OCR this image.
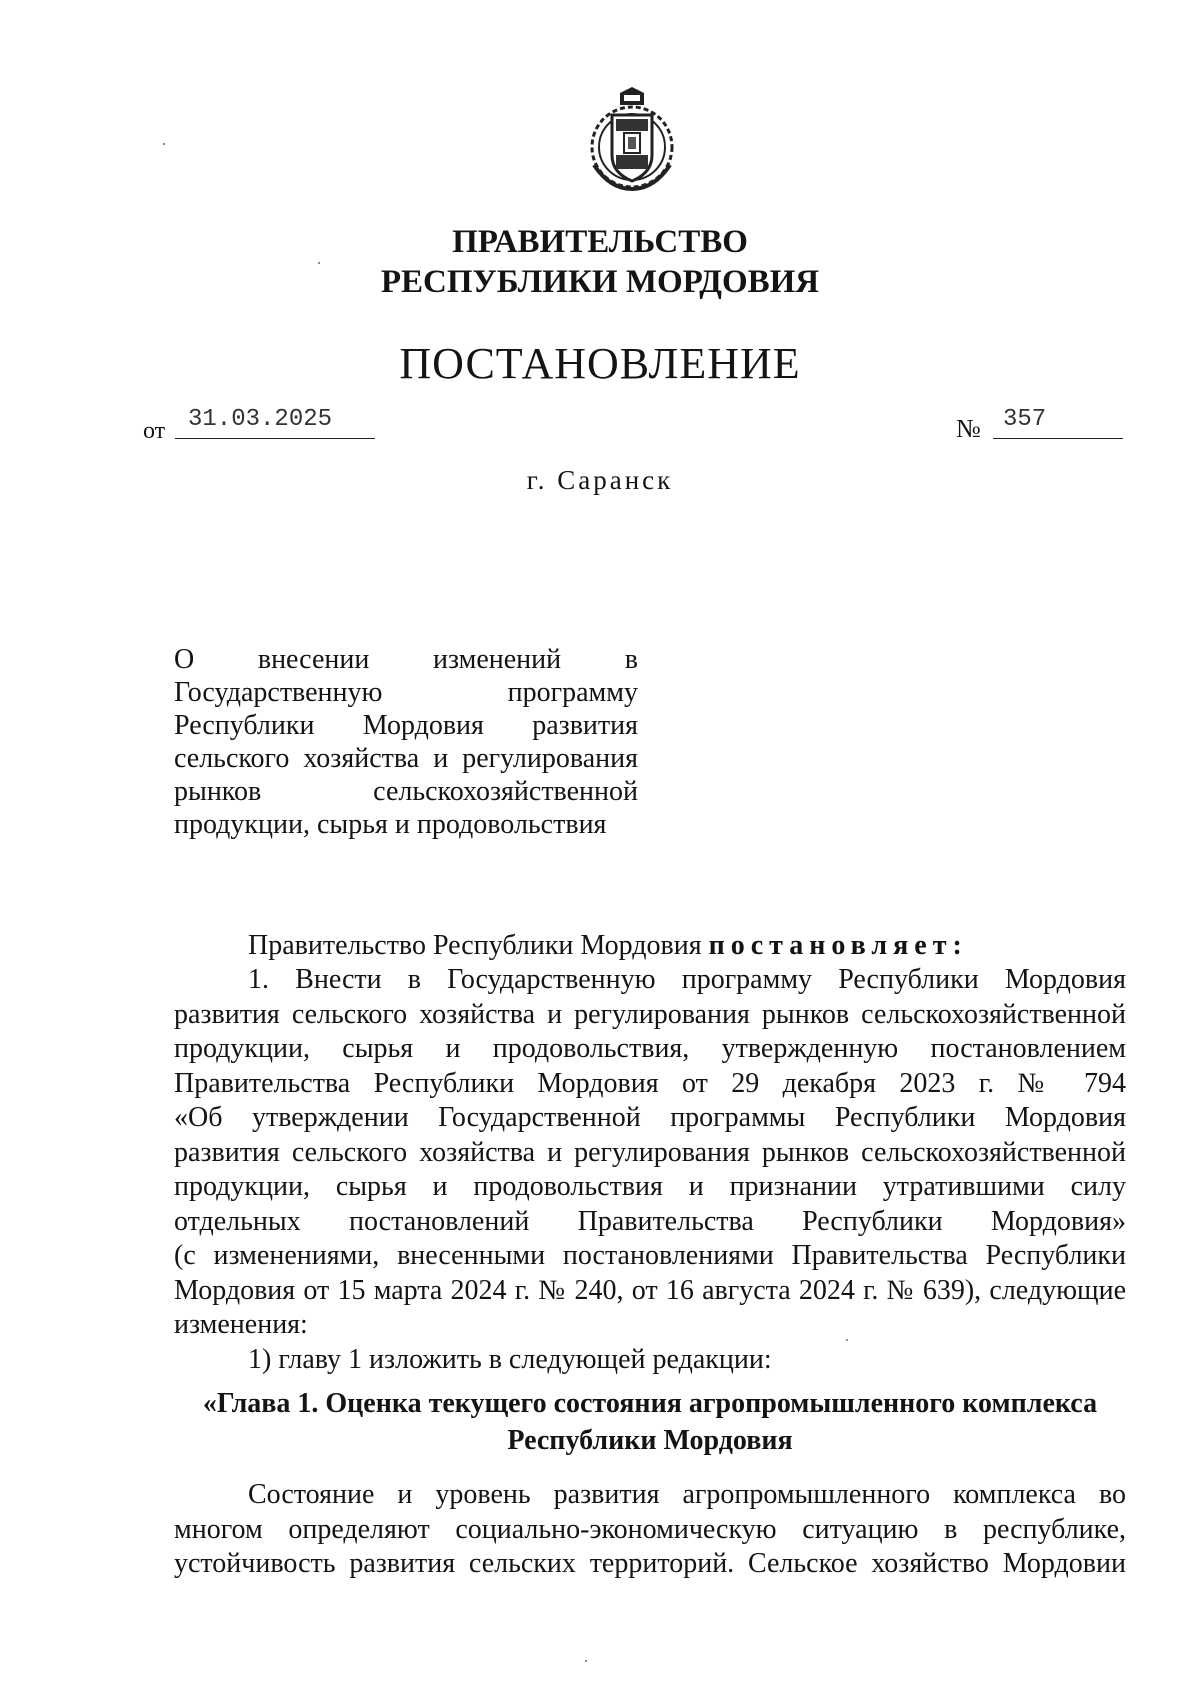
ПРАВИТЕЛЬСТВО
РЕСПУБЛИКИ МОРДОВИЯ
ПОСТАНОВЛЕНИЕ
от 31.03.2025	№ 357
г. Саранск
О внесении изменений в
Государственную программу
Республики Мордовия развития
сельского хозяйства и регулирования
рынков сельскохозяйственной
продукции, сырья и продовольствия
Правительство Республики Мордовия постановляет:
1. Внести в Государственную программу Республики Мордовия
развития сельского хозяйства и регулирования рынков сельскохозяйственной
продукции, сырья и продовольствия, утвержденную постановлением
Правительства Республики Мордовия от 29 декабря 2023 г. № 794
«Об утверждении Государственной программы Республики Мордовия
развития сельского хозяйства и регулирования рынков сельскохозяйственной
продукции, сырья и продовольствия и признании утратившими силу
отдельных постановлений Правительства Республики Мордовия»
(с изменениями, внесенными постановлениями Правительства Республики
Мордовия от 15 марта 2024 г. № 240, от 16 августа 2024 г. № 639), следующие
изменения:
1) главу 1 изложить в следующей редакции:
«Глава 1. Оценка текущего состояния агропромышленного комплекса
Республики Мордовия
Состояние и уровень развития агропромышленного комплекса во
многом определяют социально-экономическую ситуацию в республике,
устойчивость развития сельских территорий. Сельское хозяйство Мордовии
